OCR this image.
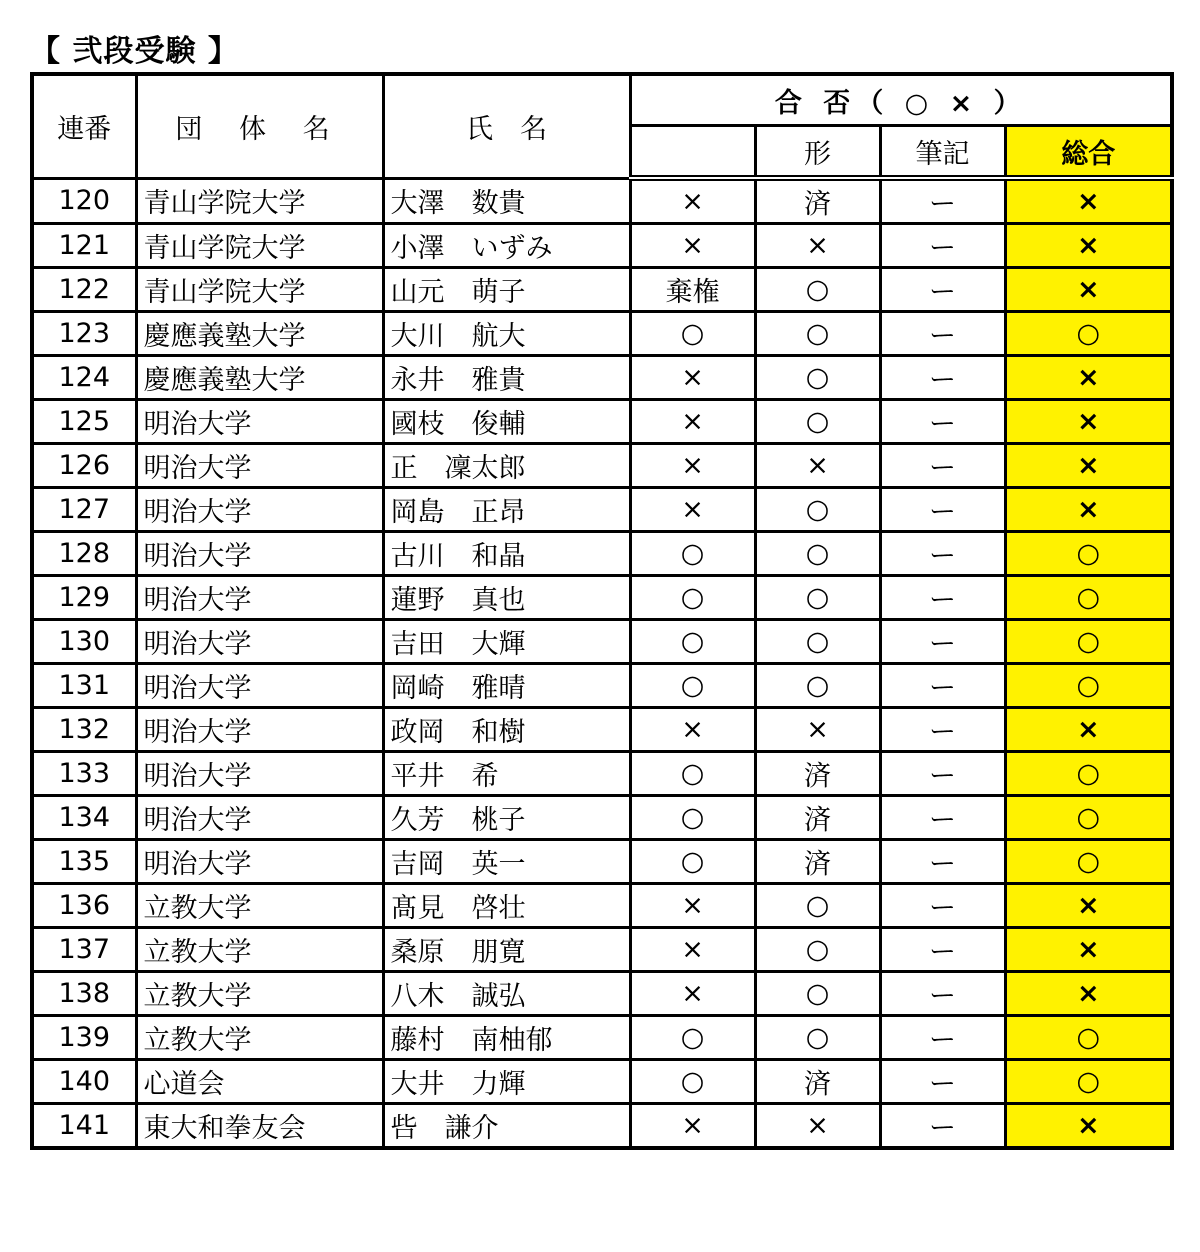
【 弐段受験 】
連番	団 体 名	氏　名	合 否（ ○ × ）			
				形	筆記	総合
120	青山学院大学	大澤　数貴	×	済	ー	×
121	青山学院大学	小澤　いずみ	×	×	ー	×
122	青山学院大学	山元　萌子	棄権	○	ー	×
123	慶應義塾大学	大川　航大	○	○	ー	○
124	慶應義塾大学	永井　雅貴	×	○	ー	×
125	明治大学	國枝　俊輔	×	○	ー	×
126	明治大学	正　凜太郎	×	×	ー	×
127	明治大学	岡島　正昂	×	○	ー	×
128	明治大学	古川　和晶	○	○	ー	○
129	明治大学	蓮野　真也	○	○	ー	○
130	明治大学	吉田　大輝	○	○	ー	○
131	明治大学	岡崎　雅晴	○	○	ー	○
132	明治大学	政岡　和樹	×	×	ー	×
133	明治大学	平井　希	○	済	ー	○
134	明治大学	久芳　桃子	○	済	ー	○
135	明治大学	吉岡　英一	○	済	ー	○
136	立教大学	髙見　啓壮	×	○	ー	×
137	立教大学	桑原　朋寛	×	○	ー	×
138	立教大学	八木　誠弘	×	○	ー	×
139	立教大学	藤村　南柚郁	○	○	ー	○
140	心道会	大井　力輝	○	済	ー	○
141	東大和拳友会	呰　謙介	×	×	ー	×
